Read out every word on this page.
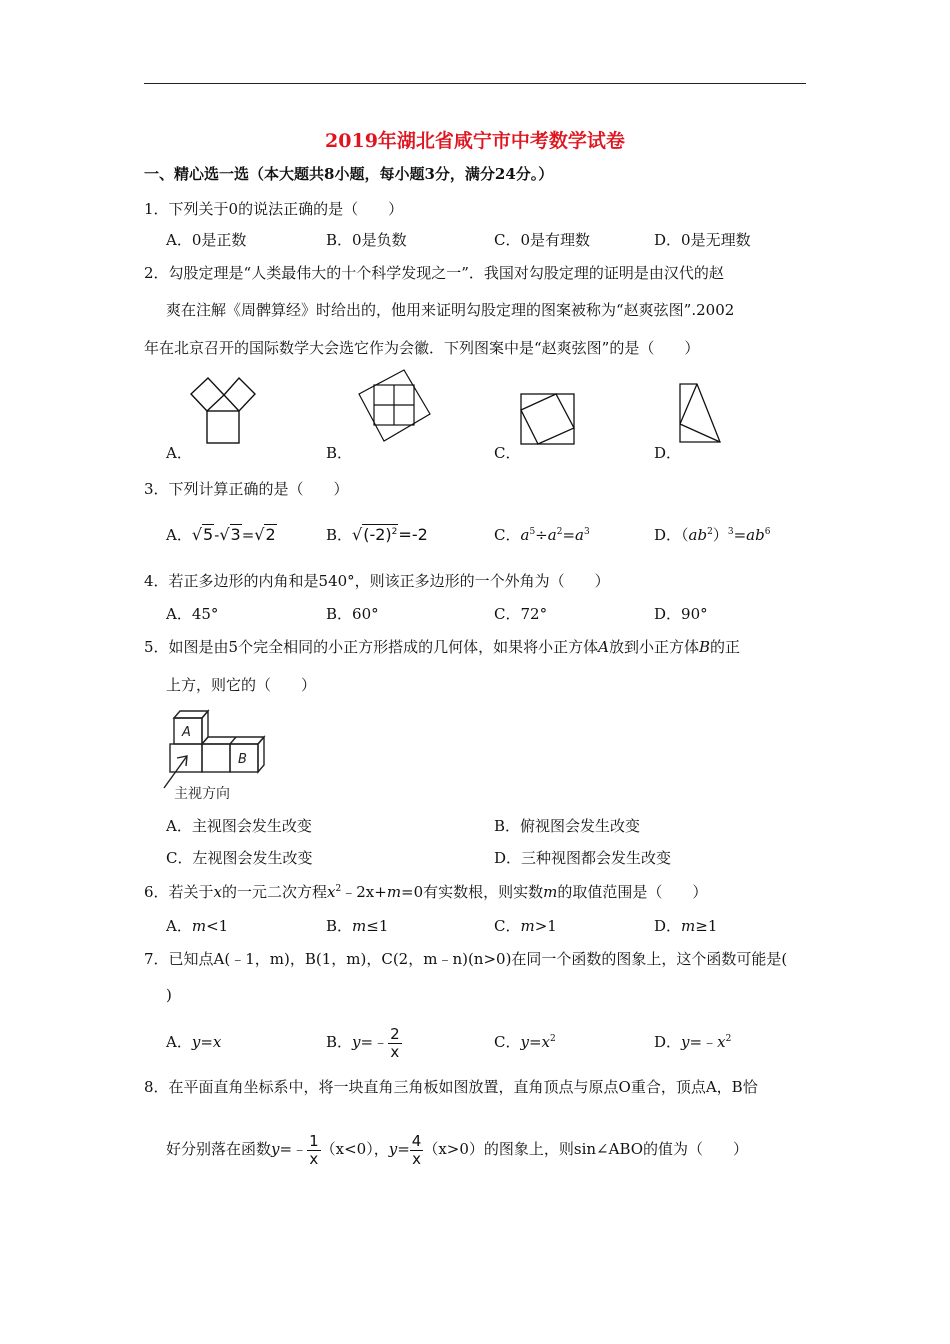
2019年湖北省咸宁市中考数学试卷
一、精心选一选（本大题共8小题，每小题3分，满分24分。）
1．下列关于0的说法正确的是（　　）
A．0是正数	B．0是负数	C．0是有理数	D．0是无理数
2．勾股定理是“人类最伟大的十个科学发现之一”．我国对勾股定理的证明是由汉代的赵
爽在注解《周髀算经》时给出的，他用来证明勾股定理的图案被称为“赵爽弦图”.2002
年在北京召开的国际数学大会选它作为会徽．下列图案中是“赵爽弦图”的是（　　）
A．	B．	C．	D．
3．下列计算正确的是（　　）
A．√5-√3=√2	B．$√(-2)^2=-2$	C．$a^5\div a^2=a^3$	D．$(ab^2)^3=ab^6$
4．若正多边形的内角和是540°，则该正多边形的一个外角为（　　）
A．45°	B．60°	C．72°	D．90°
5．如图是由5个完全相同的小正方形搭成的几何体，如果将小正方体A放到小正方体B的正
上方，则它的（　　）
A
B
主视方向
A．主视图会发生改变	B．俯视图会发生改变
C．左视图会发生改变	D．三种视图都会发生改变
6．若关于x的一元二次方程$x^2﹣2x+m=0$有实数根，则实数m的取值范围是（　　）
A．m<1	B．m≤1	C．m>1	D．m≥1
7．已知点A(﹣1，m)，B(1，m)，C(2，m﹣n)(n>0)在同一个函数的图象上，这个函数可能是(
)
A．y=x	B．y=﹣ $\frac{2}{x}$	C．$y=x^2$	D．$y=﹣x^2$
8．在平面直角坐标系中，将一块直角三角板如图放置，直角顶点与原点O重合，顶点A，B恰
好分别落在函数y=﹣ $\frac{1}{x} (x<0)$，$y= \frac{4}{x} (x>0)$的图象上，则sin∠ABO的值为（　　）
